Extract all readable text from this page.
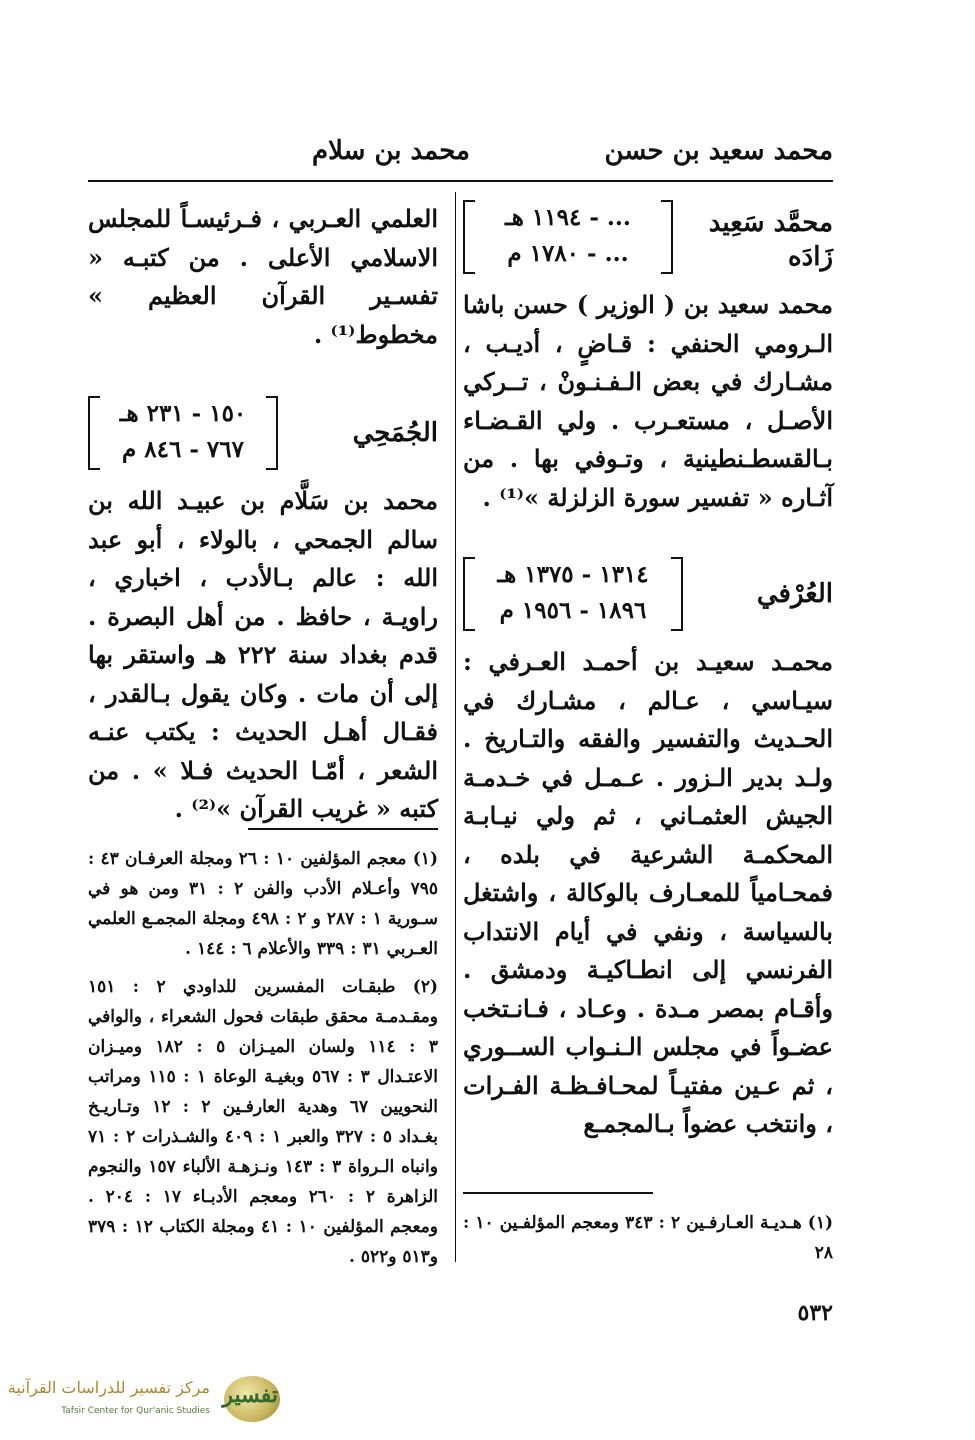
محمد سعيد بن حسن
محمد بن سلام
محمَّد سَعِيد
زَادَه
... - ١١٩٤ هـ
... - ١٧٨٠ م

محمد سعيد بن ( الوزير ) حسن باشا الـرومي الحنفي : قـاضٍ ، أديـب ، مشـارك في بعض الـفـنـونْ ، تــركي الأصـل ، مستعـرب . ولي القـضـاء بـالقسطـنطينية ، وتـوفي بها . من آثـاره « تفسير سورة الزلزلة »⁽¹⁾ .

العُرْفي
١٣١٤ - ١٣٧٥ هـ
١٨٩٦ - ١٩٥٦ م

محمـد سعيـد بن أحمـد العـرفي : سيـاسي ، عـالم ، مشـارك في الحـديث والتفسير والفقه والتـاريخ . ولـد بدير الـزور . عـمـل في خـدمـة الجيش العثمـاني ، ثم ولي نيـابـة المحكمـة الشرعية في بلده ، فمحـامياً للمعـارف بالوكالة ، واشتغل بالسياسة ، ونفي في أيام الانتداب الفرنسي إلى انطـاكيـة ودمشق . وأقـام بمصر مـدة . وعـاد ، فـانـتخب عضـواً في مجلس الـنـواب الســوري ، ثم عـين مفتيـاً لمحـافـظـة الفـرات ، وانتخب عضواً بـالمجمـع

(١) هـديـة العـارفـين ٢ : ٣٤٣ ومعجم المؤلفـين ١٠ : ٢٨

العلمي العـربي ، فـرئيسـاً للمجلس الاسلامي الأعلى . من كتبـه « تفسـير القرآن العظيم » مخطوط⁽¹⁾ .

الجُمَحِي
١٥٠ - ٢٣١ هـ
٧٦٧ - ٨٤٦ م

محمد بن سَلَّام بن عبيـد الله بن سالم الجمحي ، بالولاء ، أبو عبد الله : عالم بـالأدب ، اخباري ، راويـة ، حافظ . من أهل البصرة . قدم بغداد سنة ٢٢٢ هـ واستقر بها إلى أن مات . وكان يقول بـالقدر ، فقـال أهـل الحديث : يكتب عنـه الشعر ، أمّـا الحديث فـلا » . من كتبه « غريب القرآن »⁽²⁾ .

(١) معجم المؤلفين ١٠ : ٢٦ ومجلة العرفـان ٤٣ : ٧٩٥ وأعـلام الأدب والفن ٢ : ٣١ ومن هو في سـورية ١ : ٢٨٧ و ٢ : ٤٩٨ ومجلة المجمـع العلمي العـربي ٣١ : ٣٣٩ والأعلام ٦ : ١٤٤ .

(٢) طبقـات المفسرين للداودي ٢ : ١٥١ ومقـدمـة محقق طبقات فحول الشعراء ، والوافي ٣ : ١١٤ ولسان الميـزان ٥ : ١٨٢ وميـزان الاعتـدال ٣ : ٥٦٧ وبغيـة الوعاة ١ : ١١٥ ومراتب النحويين ٦٧ وهدية العارفـين ٢ : ١٢ وتـاريـخ بغـداد ٥ : ٣٢٧ والعبر ١ : ٤٠٩ والشـذرات ٢ : ٧١ وانباه الـرواة ٣ : ١٤٣ ونـزهـة الألباء ١٥٧ والنجوم الزاهرة ٢ : ٢٦٠ ومعجم الأدبـاء ١٧ : ٢٠٤ . ومعجم المؤلفين ١٠ : ٤١ ومجلة الكتاب ١٢ : ٣٧٩ و٥١٣ و٥٢٢ .

٥٣٢
تفسير
مركز تفسير للدراسات القرآنية
Tafsir Center for Qur'anic Studies
